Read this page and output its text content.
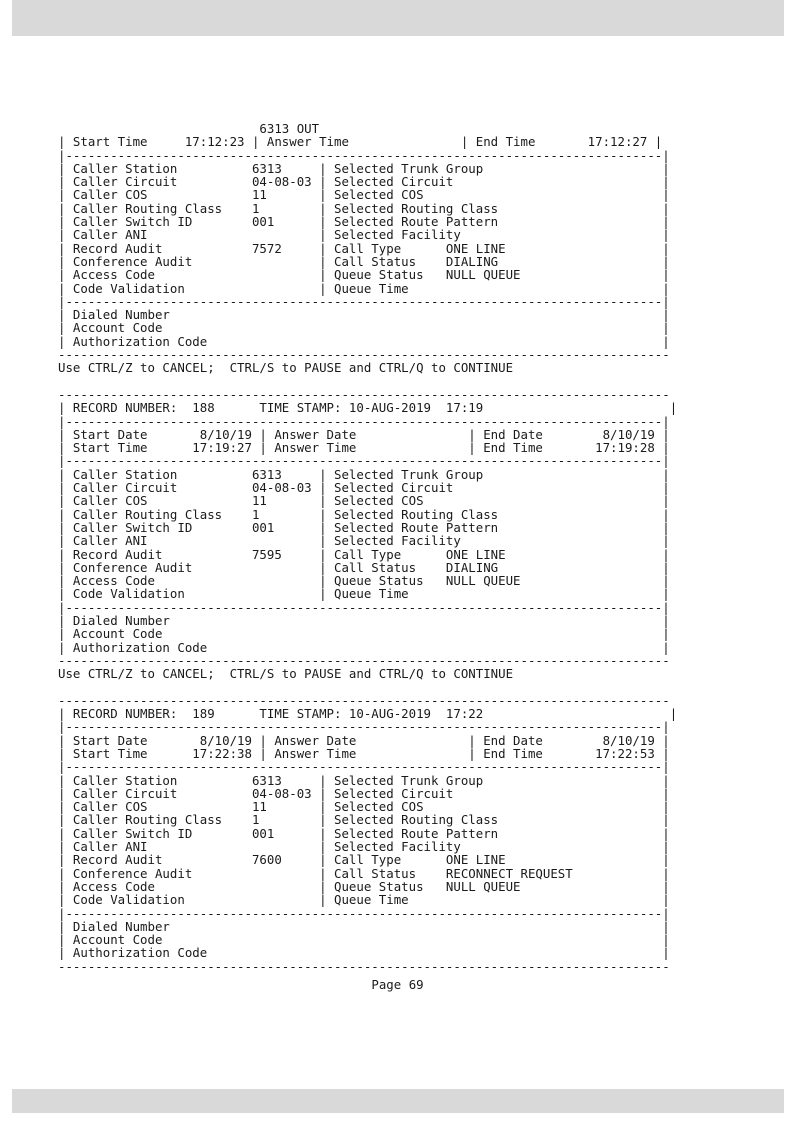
6313 OUT
| Start Time     17:12:23 | Answer Time               | End Time       17:12:27 |
|--------------------------------------------------------------------------------|
| Caller Station          6313     | Selected Trunk Group                        |
| Caller Circuit          04-08-03 | Selected Circuit                            |
| Caller COS              11       | Selected COS                                |
| Caller Routing Class    1        | Selected Routing Class                      |
| Caller Switch ID        001      | Selected Route Pattern                      |
| Caller ANI                       | Selected Facility                           |
| Record Audit            7572     | Call Type      ONE LINE                     |
| Conference Audit                 | Call Status    DIALING                      |
| Access Code                      | Queue Status   NULL QUEUE                   |
| Code Validation                  | Queue Time                                  |
|--------------------------------------------------------------------------------|
| Dialed Number                                                                  |
| Account Code                                                                   |
| Authorization Code                                                             |
----------------------------------------------------------------------------------
Use CTRL/Z to CANCEL;  CTRL/S to PAUSE and CTRL/Q to CONTINUE
----------------------------------------------------------------------------------
| RECORD NUMBER:  188      TIME STAMP: 10-AUG-2019  17:19                         |
|--------------------------------------------------------------------------------|
| Start Date       8/10/19 | Answer Date               | End Date        8/10/19 |
| Start Time      17:19:27 | Answer Time               | End Time       17:19:28 |
|--------------------------------------------------------------------------------|
| Caller Station          6313     | Selected Trunk Group                        |
| Caller Circuit          04-08-03 | Selected Circuit                            |
| Caller COS              11       | Selected COS                                |
| Caller Routing Class    1        | Selected Routing Class                      |
| Caller Switch ID        001      | Selected Route Pattern                      |
| Caller ANI                       | Selected Facility                           |
| Record Audit            7595     | Call Type      ONE LINE                     |
| Conference Audit                 | Call Status    DIALING                      |
| Access Code                      | Queue Status   NULL QUEUE                   |
| Code Validation                  | Queue Time                                  |
|--------------------------------------------------------------------------------|
| Dialed Number                                                                  |
| Account Code                                                                   |
| Authorization Code                                                             |
----------------------------------------------------------------------------------
Use CTRL/Z to CANCEL;  CTRL/S to PAUSE and CTRL/Q to CONTINUE
----------------------------------------------------------------------------------
| RECORD NUMBER:  189      TIME STAMP: 10-AUG-2019  17:22                         |
|--------------------------------------------------------------------------------|
| Start Date       8/10/19 | Answer Date               | End Date        8/10/19 |
| Start Time      17:22:38 | Answer Time               | End Time       17:22:53 |
|--------------------------------------------------------------------------------|
| Caller Station          6313     | Selected Trunk Group                        |
| Caller Circuit          04-08-03 | Selected Circuit                            |
| Caller COS              11       | Selected COS                                |
| Caller Routing Class    1        | Selected Routing Class                      |
| Caller Switch ID        001      | Selected Route Pattern                      |
| Caller ANI                       | Selected Facility                           |
| Record Audit            7600     | Call Type      ONE LINE                     |
| Conference Audit                 | Call Status    RECONNECT REQUEST            |
| Access Code                      | Queue Status   NULL QUEUE                   |
| Code Validation                  | Queue Time                                  |
|--------------------------------------------------------------------------------|
| Dialed Number                                                                  |
| Account Code                                                                   |
| Authorization Code                                                             |
----------------------------------------------------------------------------------
Page 69
